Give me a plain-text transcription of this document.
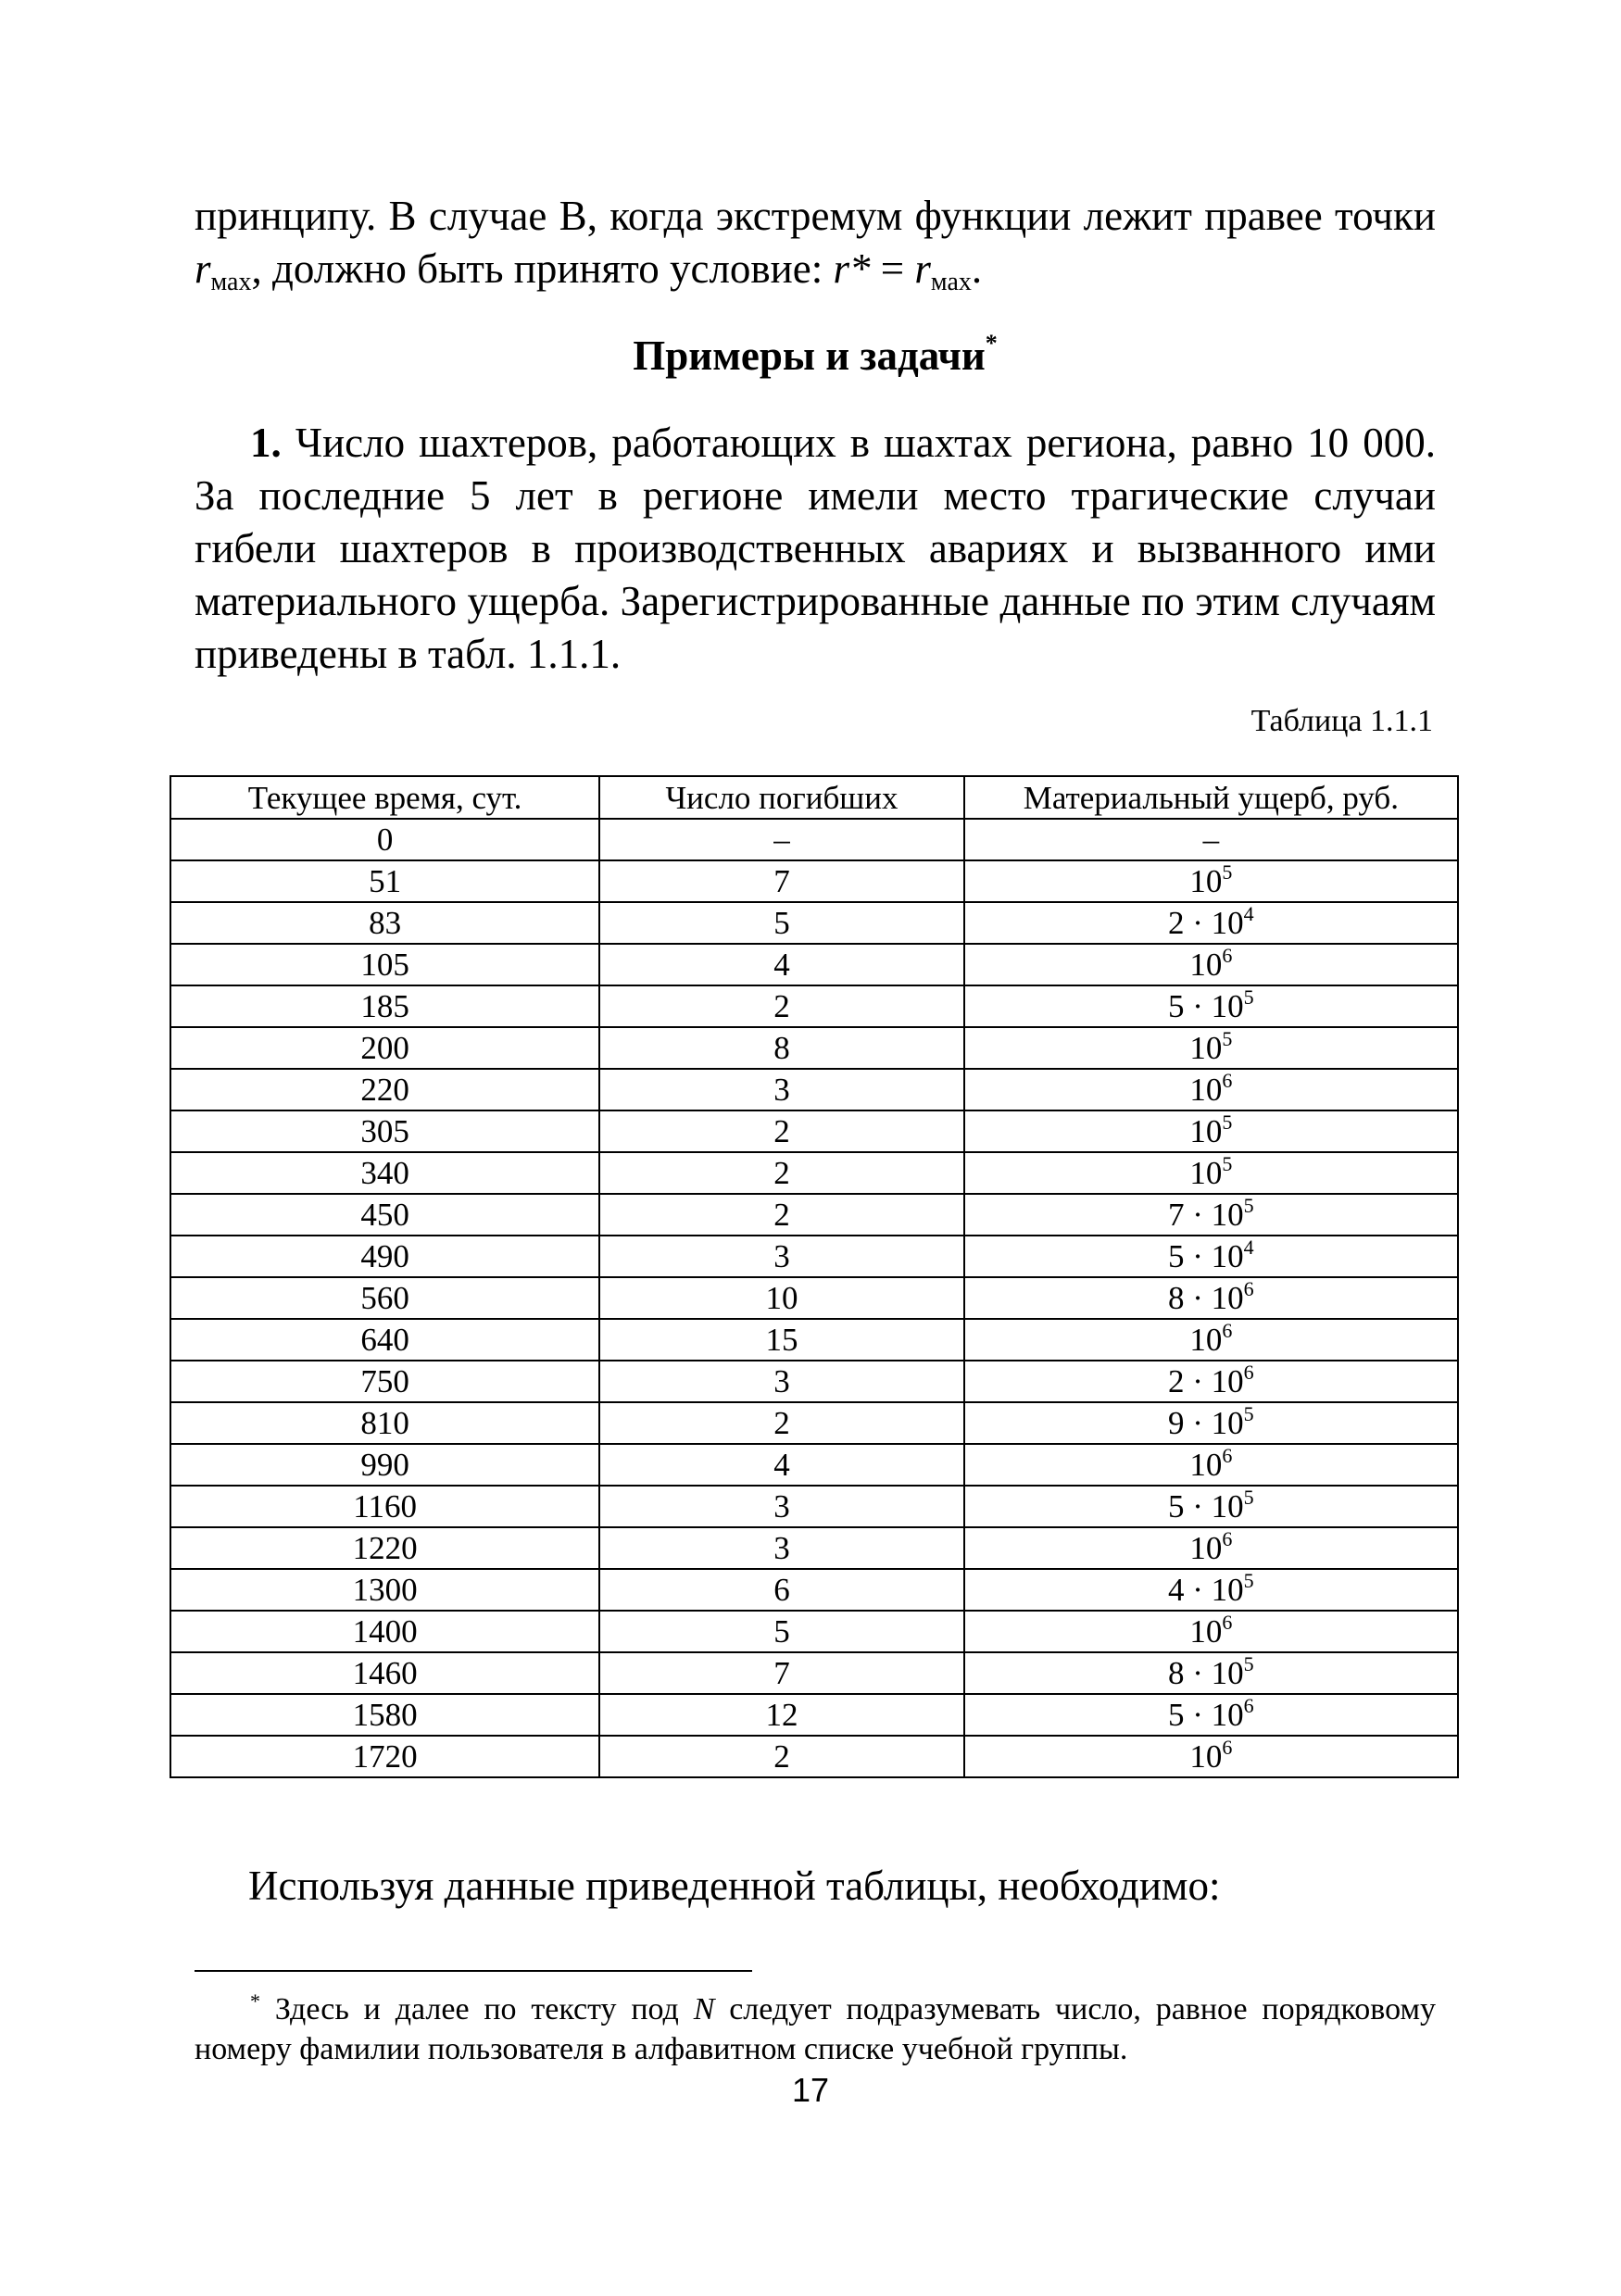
принципу. В случае В, когда экстремум функции лежит правее точки $r_{мах}$, должно быть принято условие: $r* = r_{мах}$.

Примеры и задачи*

1. Число шахтеров, работающих в шахтах региона, равно 10 000. За последние 5 лет в регионе имели место трагические случаи гибели шахтеров в производственных авариях и вызванного ими материального ущерба. Зарегистрированные данные по этим случаям приведены в табл. 1.1.1.

Таблица 1.1.1

Текущее время, сут.	Число погибших	Материальный ущерб, руб.
0	–	–
51	7	$10^5$
83	5	$2 \cdot 10^4$
105	4	$10^6$
185	2	$5 \cdot 10^5$
200	8	$10^5$
220	3	$10^6$
305	2	$10^5$
340	2	$10^5$
450	2	$7 \cdot 10^5$
490	3	$5 \cdot 10^4$
560	10	$8 \cdot 10^6$
640	15	$10^6$
750	3	$2 \cdot 10^6$
810	2	$9 \cdot 10^5$
990	4	$10^6$
1160	3	$5 \cdot 10^5$
1220	3	$10^6$
1300	6	$4 \cdot 10^5$
1400	5	$10^6$
1460	7	$8 \cdot 10^5$
1580	12	$5 \cdot 10^6$
1720	2	$10^6$

Используя данные приведенной таблицы, необходимо:

* Здесь и далее по тексту под N следует подразумевать число, равное порядковому номеру фамилии пользователя в алфавитном списке учебной группы.

17
